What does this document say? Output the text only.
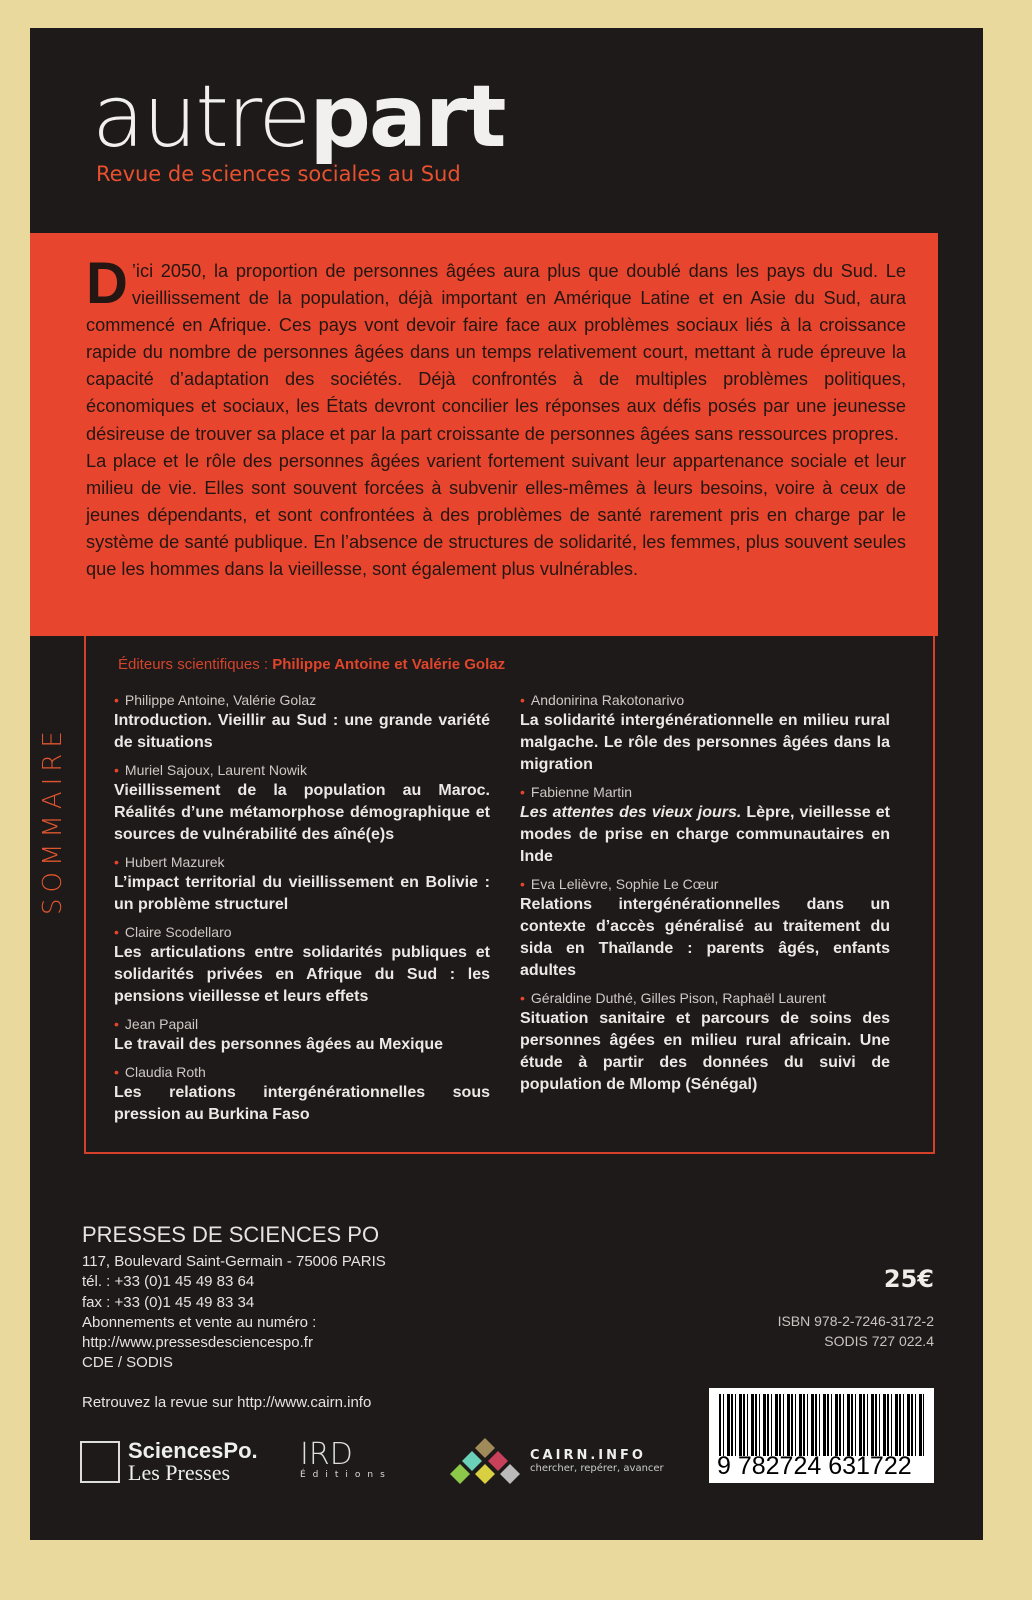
autrepart
Revue de sciences sociales au Sud

D ’ici 2050, la proportion de personnes âgées aura plus que doublé dans les pays du Sud. Le vieillissement de la population, déjà important en Amérique Latine et en Asie du Sud, aura commencé en Afrique. Ces pays vont devoir faire face aux problèmes sociaux liés à la croissance rapide du nombre de personnes âgées dans un temps relativement court, mettant à rude épreuve la capacité d’adaptation des sociétés. Déjà confrontés à de multiples problèmes politiques, économiques et sociaux, les États devront concilier les réponses aux défis posés par une jeunesse désireuse de trouver sa place et par la part croissante de personnes âgées sans ressources propres.

La place et le rôle des personnes âgées varient fortement suivant leur appartenance sociale et leur milieu de vie. Elles sont souvent forcées à subvenir elles-mêmes à leurs besoins, voire à ceux de jeunes dépendants, et sont confrontées à des problèmes de santé rarement pris en charge par le système de santé publique. En l’absence de structures de solidarité, les femmes, plus souvent seules que les hommes dans la vieillesse, sont également plus vulnérables.

SOMMAIRE
Éditeurs scientifiques : Philippe Antoine et Valérie Golaz
• Philippe Antoine, Valérie Golaz
Introduction. Vieillir au Sud : une grande variété de situations
• Muriel Sajoux, Laurent Nowik
Vieillissement de la population au Maroc. Réalités d’une métamorphose démographique et sources de vulnérabilité des aîné(e)s
• Hubert Mazurek
L’impact territorial du vieillissement en Bolivie : un problème structurel
• Claire Scodellaro
Les articulations entre solidarités publiques et solidarités privées en Afrique du Sud : les pensions vieillesse et leurs effets
• Jean Papail
Le travail des personnes âgées au Mexique
• Claudia Roth
Les relations intergénérationnelles sous pression au Burkina Faso
• Andonirina Rakotonarivo
La solidarité intergénérationnelle en milieu rural malgache. Le rôle des personnes âgées dans la migration
• Fabienne Martin
Les attentes des vieux jours. Lèpre, vieillesse et modes de prise en charge communautaires en Inde
• Eva Lelièvre, Sophie Le Cœur
Relations intergénérationnelles dans un contexte d’accès généralisé au traitement du sida en Thaïlande : parents âgés, enfants adultes
• Géraldine Duthé, Gilles Pison, Raphaël Laurent
Situation sanitaire et parcours de soins des personnes âgées en milieu rural africain. Une étude à partir des données du suivi de population de Mlomp (Sénégal)
PRESSES DE SCIENCES PO
117, Boulevard Saint-Germain - 75006 PARIS
tél. : +33 (0)1 45 49 83 64
fax : +33 (0)1 45 49 83 34
Abonnements et vente au numéro :
http://www.pressesdesciencespo.fr
CDE / SODIS
Retrouvez la revue sur http://www.cairn.info
25€
ISBN 978-2-7246-3172-2
SODIS 727 022.4
9 782724 631722
SciencesPo.
Les Presses
IRD
Éditions
CAIRN.INFO
chercher, repérer, avancer
